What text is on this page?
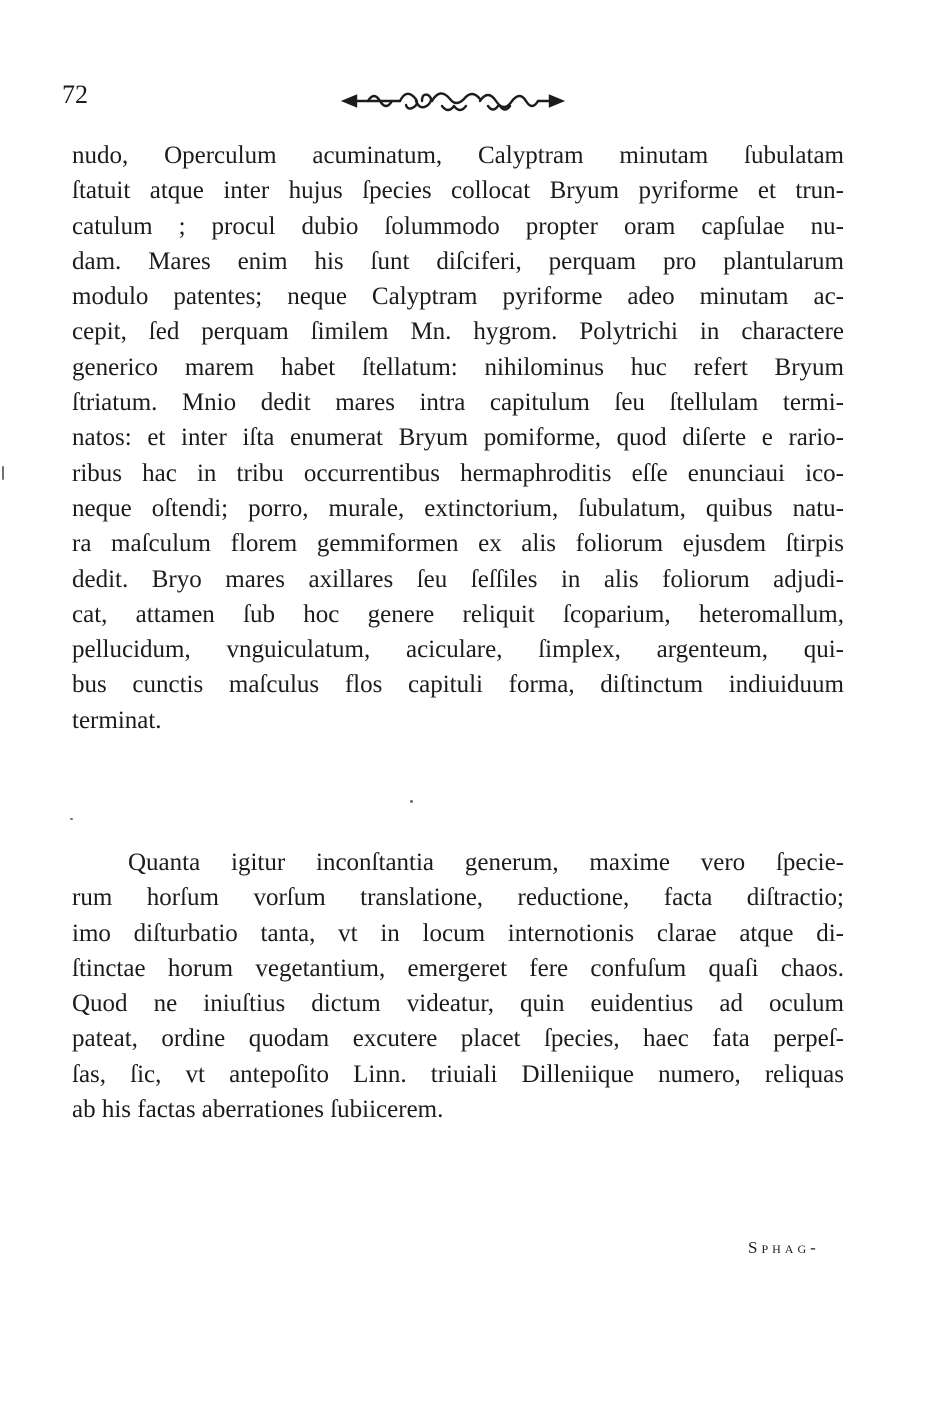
72
nudo, Operculum acuminatum, Calyptram minutam ſubulatam
ſtatuit atque inter hujus ſpecies collocat Bryum pyriforme et trun-
catulum ; procul dubio ſolummodo propter oram capſulae nu-
dam. Mares enim his ſunt diſciferi, perquam pro plantularum
modulo patentes; neque Calyptram pyriforme adeo minutam ac-
cepit, ſed perquam ſimilem Mn. hygrom. Polytrichi in charactere
generico marem habet ſtellatum: nihilominus huc refert Bryum
ſtriatum. Mnio dedit mares intra capitulum ſeu ſtellulam termi-
natos: et inter iſta enumerat Bryum pomiforme, quod diſerte e rario-
ribus hac in tribu occurrentibus hermaphroditis eſſe enunciaui ico-
neque oſtendi; porro, murale, extinctorium, ſubulatum, quibus natu-
ra maſculum florem gemmiformen ex alis foliorum ejusdem ſtirpis
dedit. Bryo mares axillares ſeu ſeſſiles in alis foliorum adjudi-
cat, attamen ſub hoc genere reliquit ſcoparium, heteromallum,
pellucidum, vnguiculatum, aciculare, ſimplex, argenteum, qui-
bus cunctis maſculus flos capituli forma, diſtinctum indiuiduum
terminat.
Quanta igitur inconſtantia generum, maxime vero ſpecie-
rum horſum vorſum translatione, reductione, facta diſtractio;
imo diſturbatio tanta, vt in locum internotionis clarae atque di-
ſtinctae horum vegetantium, emergeret fere confuſum quaſi chaos.
Quod ne iniuſtius dictum videatur, quin euidentius ad oculum
pateat, ordine quodam excutere placet ſpecies, haec fata perpeſ-
ſas, ſic, vt antepoſito Linn. triuiali Dilleniique numero, reliquas
ab his factas aberrationes ſubiicerem.
Sphag-
